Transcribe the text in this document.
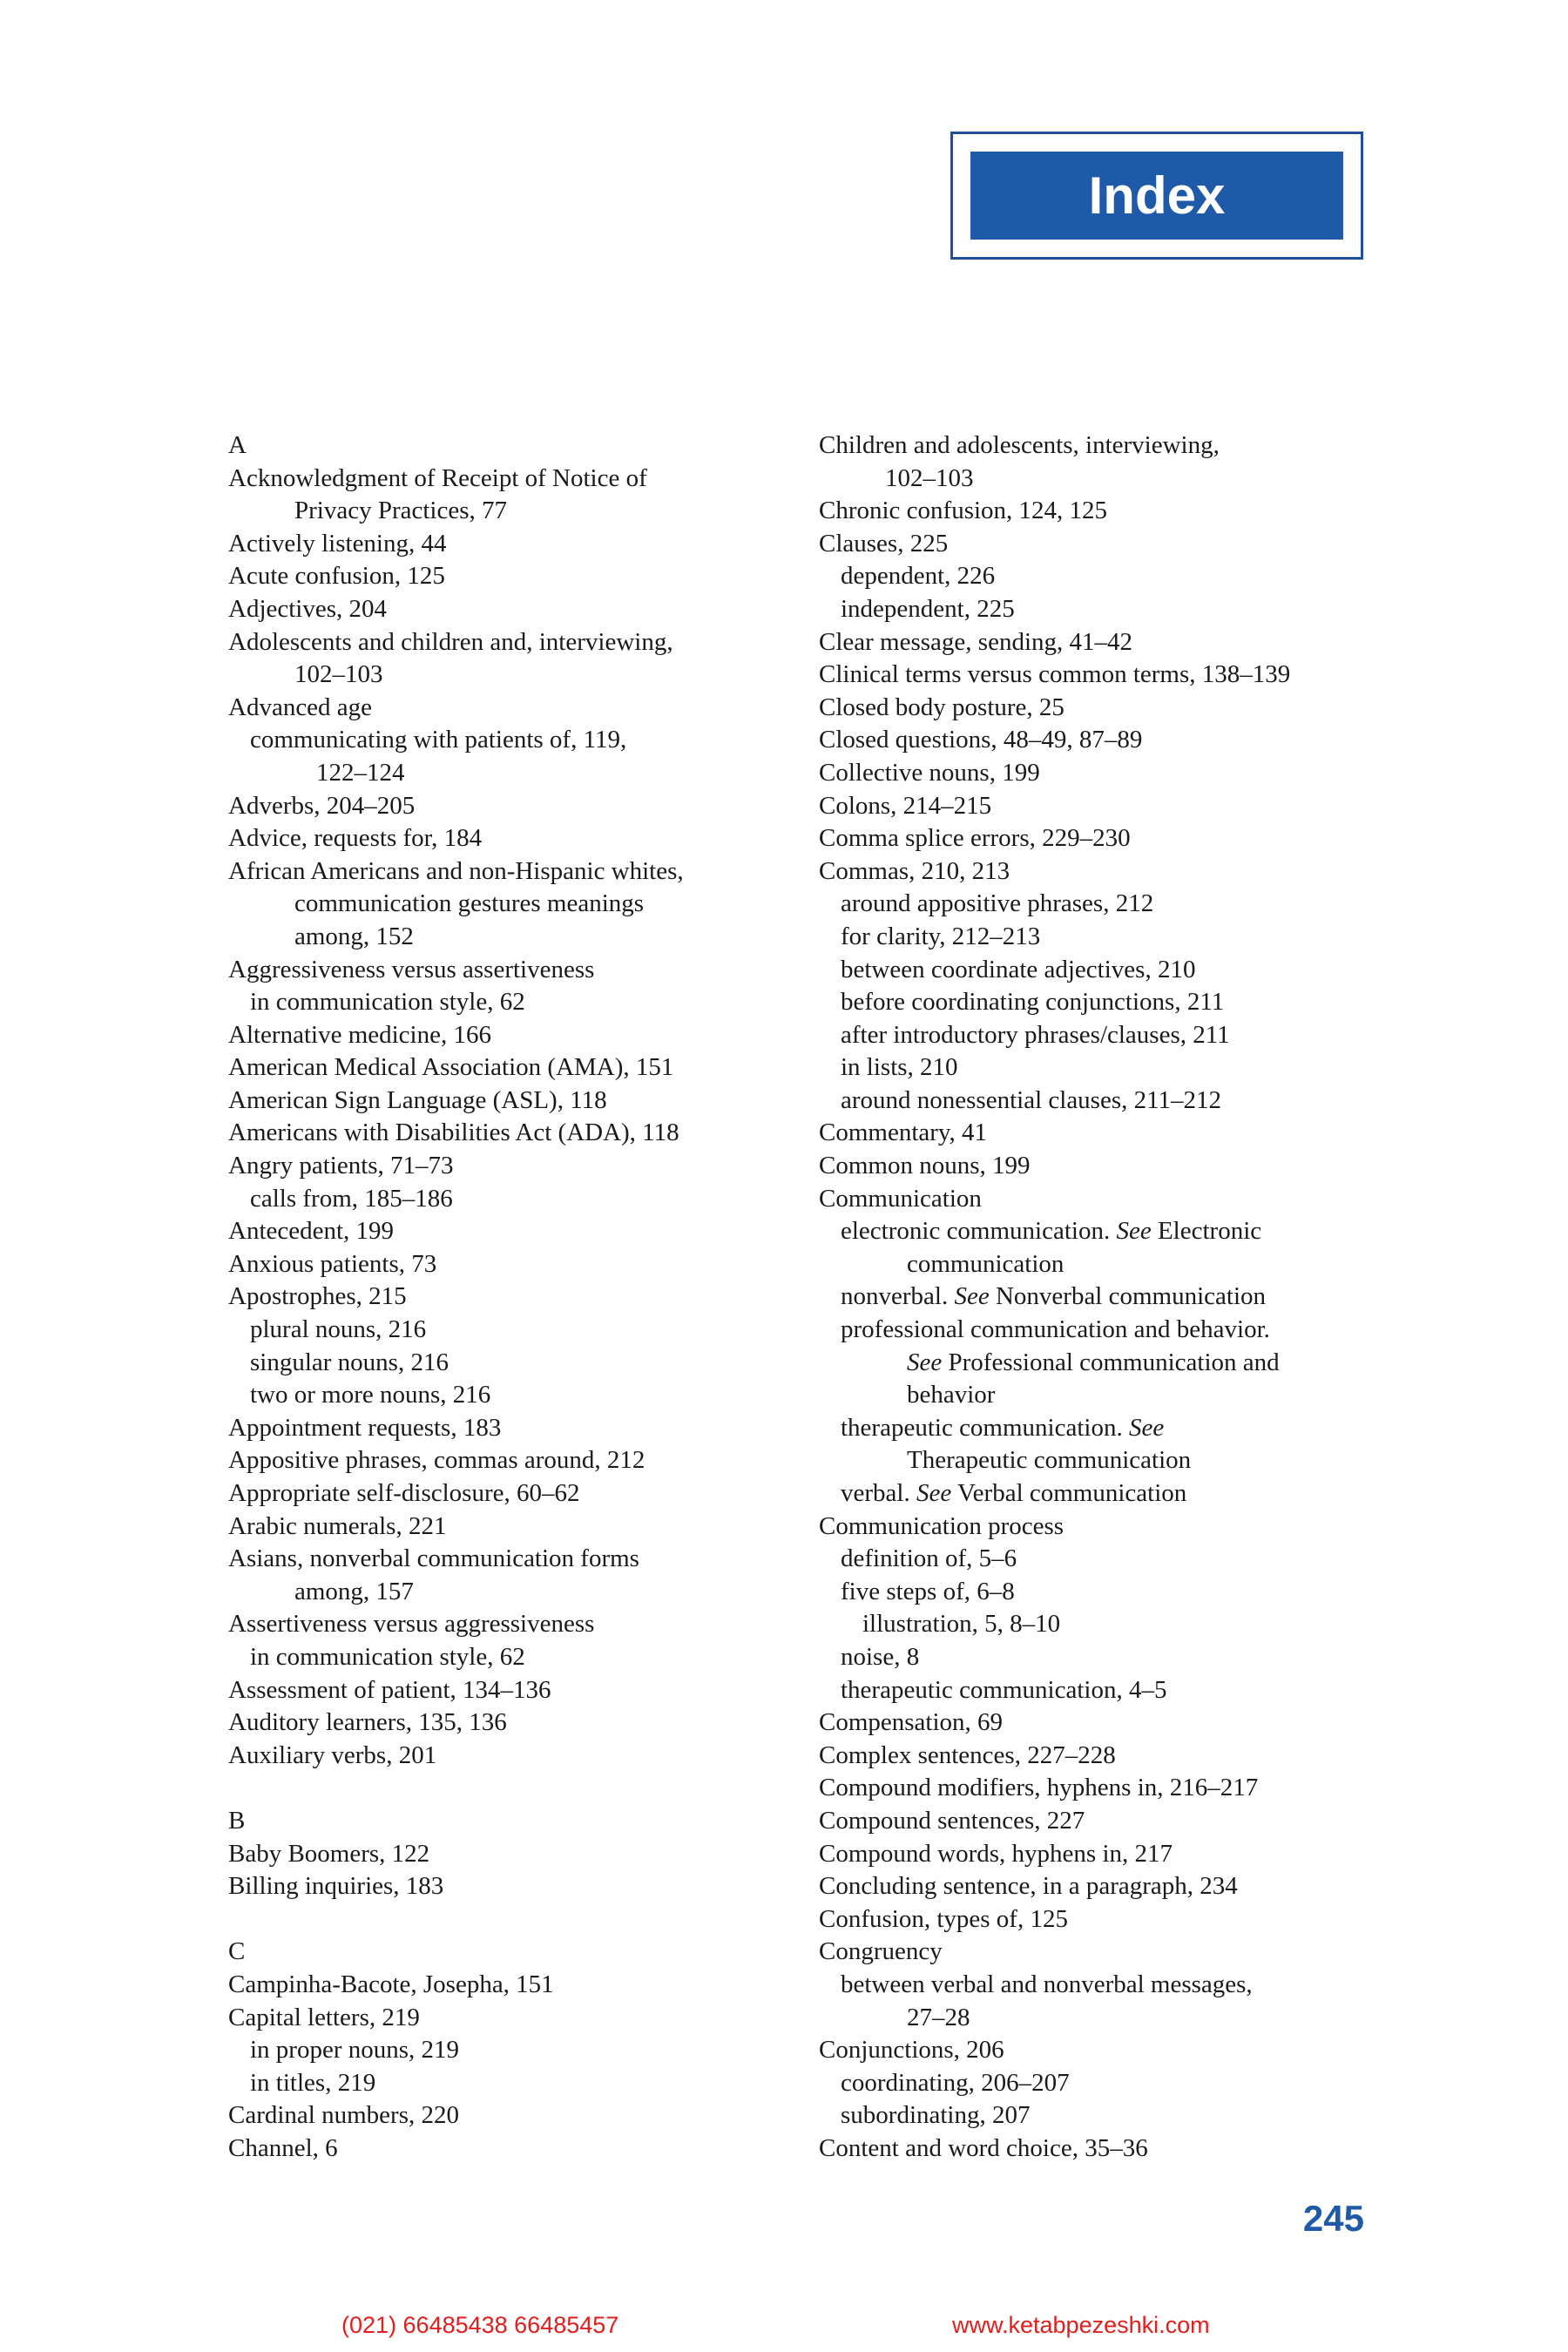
Index
A
Acknowledgment of Receipt of Notice of
Privacy Practices, 77
Actively listening, 44
Acute confusion, 125
Adjectives, 204
Adolescents and children and, interviewing,
102–103
Advanced age
communicating with patients of, 119,
122–124
Adverbs, 204–205
Advice, requests for, 184
African Americans and non-Hispanic whites,
communication gestures meanings
among, 152
Aggressiveness versus assertiveness
in communication style, 62
Alternative medicine, 166
American Medical Association (AMA), 151
American Sign Language (ASL), 118
Americans with Disabilities Act (ADA), 118
Angry patients, 71–73
calls from, 185–186
Antecedent, 199
Anxious patients, 73
Apostrophes, 215
plural nouns, 216
singular nouns, 216
two or more nouns, 216
Appointment requests, 183
Appositive phrases, commas around, 212
Appropriate self-disclosure, 60–62
Arabic numerals, 221
Asians, nonverbal communication forms
among, 157
Assertiveness versus aggressiveness
in communication style, 62
Assessment of patient, 134–136
Auditory learners, 135, 136
Auxiliary verbs, 201
B
Baby Boomers, 122
Billing inquiries, 183
C
Campinha-Bacote, Josepha, 151
Capital letters, 219
in proper nouns, 219
in titles, 219
Cardinal numbers, 220
Channel, 6
Children and adolescents, interviewing,
102–103
Chronic confusion, 124, 125
Clauses, 225
dependent, 226
independent, 225
Clear message, sending, 41–42
Clinical terms versus common terms, 138–139
Closed body posture, 25
Closed questions, 48–49, 87–89
Collective nouns, 199
Colons, 214–215
Comma splice errors, 229–230
Commas, 210, 213
around appositive phrases, 212
for clarity, 212–213
between coordinate adjectives, 210
before coordinating conjunctions, 211
after introductory phrases/clauses, 211
in lists, 210
around nonessential clauses, 211–212
Commentary, 41
Common nouns, 199
Communication
electronic communication. See Electronic
communication
nonverbal. See Nonverbal communication
professional communication and behavior.
See Professional communication and
behavior
therapeutic communication. See
Therapeutic communication
verbal. See Verbal communication
Communication process
definition of, 5–6
five steps of, 6–8
illustration, 5, 8–10
noise, 8
therapeutic communication, 4–5
Compensation, 69
Complex sentences, 227–228
Compound modifiers, hyphens in, 216–217
Compound sentences, 227
Compound words, hyphens in, 217
Concluding sentence, in a paragraph, 234
Confusion, types of, 125
Congruency
between verbal and nonverbal messages,
27–28
Conjunctions, 206
coordinating, 206–207
subordinating, 207
Content and word choice, 35–36
245
(021) 66485438 66485457	www.ketabpezeshki.com
